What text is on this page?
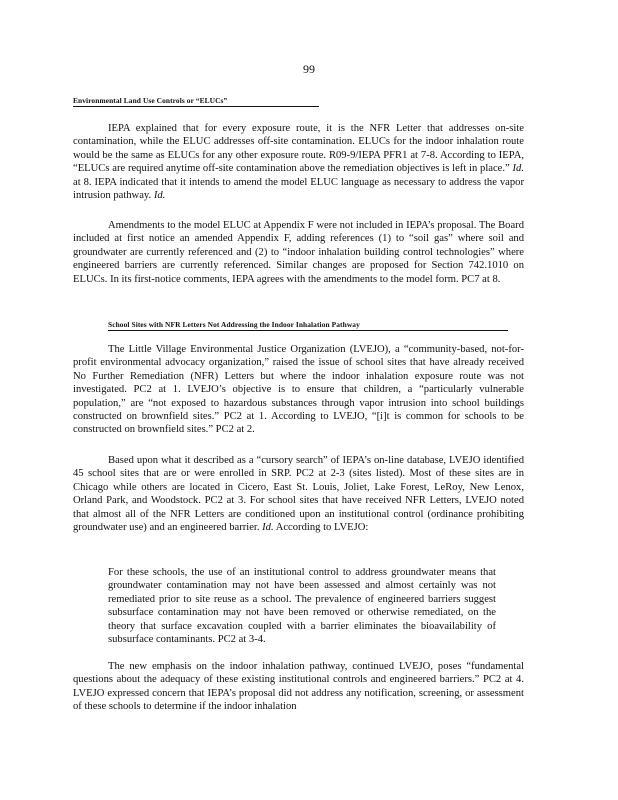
99
Environmental Land Use Controls or “ELUCs”

IEPA explained that for every exposure route, it is the NFR Letter that addresses on-site contamination, while the ELUC addresses off-site contamination. ELUCs for the indoor inhalation route would be the same as ELUCs for any other exposure route. R09-9/IEPA PFR1 at 7-8. According to IEPA, “ELUCs are required anytime off-site contamination above the remediation objectives is left in place.” Id. at 8. IEPA indicated that it intends to amend the model ELUC language as necessary to address the vapor intrusion pathway. Id.

Amendments to the model ELUC at Appendix F were not included in IEPA’s proposal. The Board included at first notice an amended Appendix F, adding references (1) to “soil gas” where soil and groundwater are currently referenced and (2) to “indoor inhalation building control technologies” where engineered barriers are currently referenced. Similar changes are proposed for Section 742.1010 on ELUCs. In its first-notice comments, IEPA agrees with the amendments to the model form. PC7 at 8.

School Sites with NFR Letters Not Addressing the Indoor Inhalation Pathway

The Little Village Environmental Justice Organization (LVEJO), a “community-based, not-for-profit environmental advocacy organization,” raised the issue of school sites that have already received No Further Remediation (NFR) Letters but where the indoor inhalation exposure route was not investigated. PC2 at 1. LVEJO’s objective is to ensure that children, a “particularly vulnerable population,” are “not exposed to hazardous substances through vapor intrusion into school buildings constructed on brownfield sites.” PC2 at 1. According to LVEJO, “[i]t is common for schools to be constructed on brownfield sites.” PC2 at 2.

Based upon what it described as a “cursory search” of IEPA’s on-line database, LVEJO identified 45 school sites that are or were enrolled in SRP. PC2 at 2-3 (sites listed). Most of these sites are in Chicago while others are located in Cicero, East St. Louis, Joliet, Lake Forest, LeRoy, New Lenox, Orland Park, and Woodstock. PC2 at 3. For school sites that have received NFR Letters, LVEJO noted that almost all of the NFR Letters are conditioned upon an institutional control (ordinance prohibiting groundwater use) and an engineered barrier. Id. According to LVEJO:

For these schools, the use of an institutional control to address groundwater means that groundwater contamination may not have been assessed and almost certainly was not remediated prior to site reuse as a school. The prevalence of engineered barriers suggest subsurface contamination may not have been removed or otherwise remediated, on the theory that surface excavation coupled with a barrier eliminates the bioavailability of subsurface contaminants. PC2 at 3-4.

The new emphasis on the indoor inhalation pathway, continued LVEJO, poses “fundamental questions about the adequacy of these existing institutional controls and engineered barriers.” PC2 at 4. LVEJO expressed concern that IEPA’s proposal did not address any notification, screening, or assessment of these schools to determine if the indoor inhalation
